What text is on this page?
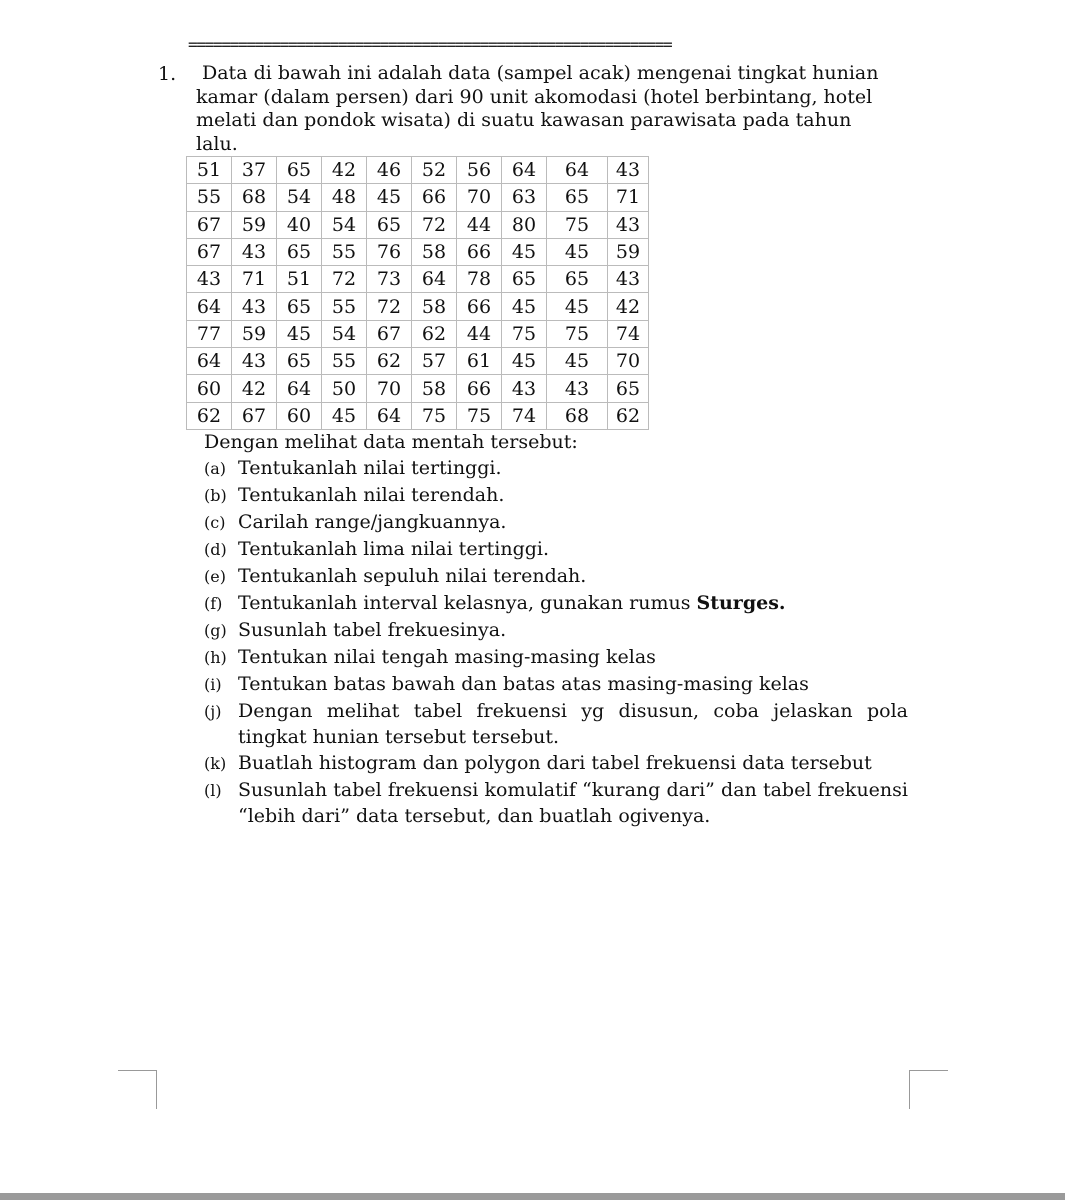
==========================================================
1.	Data di bawah ini adalah data (sampel acak) mengenai tingkat hunian kamar (dalam persen) dari 90 unit akomodasi (hotel berbintang, hotel melati dan pondok wisata) di suatu kawasan parawisata pada tahun lalu.
51	37	65	42	46	52	56	64	64	43
55	68	54	48	45	66	70	63	65	71
67	59	40	54	65	72	44	80	75	43
67	43	65	55	76	58	66	45	45	59
43	71	51	72	73	64	78	65	65	43
64	43	65	55	72	58	66	45	45	42
77	59	45	54	67	62	44	75	75	74
64	43	65	55	62	57	61	45	45	70
60	42	64	50	70	58	66	43	43	65
62	67	60	45	64	75	75	74	68	62
Dengan melihat data mentah tersebut:
(a) Tentukanlah nilai tertinggi.
(b) Tentukanlah nilai terendah.
(c) Carilah range/jangkuannya.
(d) Tentukanlah lima nilai tertinggi.
(e) Tentukanlah sepuluh nilai terendah.
(f) Tentukanlah interval kelasnya, gunakan rumus Sturges.
(g) Susunlah tabel frekuesinya.
(h) Tentukan nilai tengah masing-masing kelas
(i) Tentukan batas bawah dan batas atas masing-masing kelas
(j) Dengan melihat tabel frekuensi yg disusun, coba jelaskan pola tingkat hunian tersebut tersebut.
(k) Buatlah histogram dan polygon dari tabel frekuensi data tersebut
(l) Susunlah tabel frekuensi komulatif “kurang dari” dan tabel frekuensi “lebih dari” data tersebut, dan buatlah ogivenya.
